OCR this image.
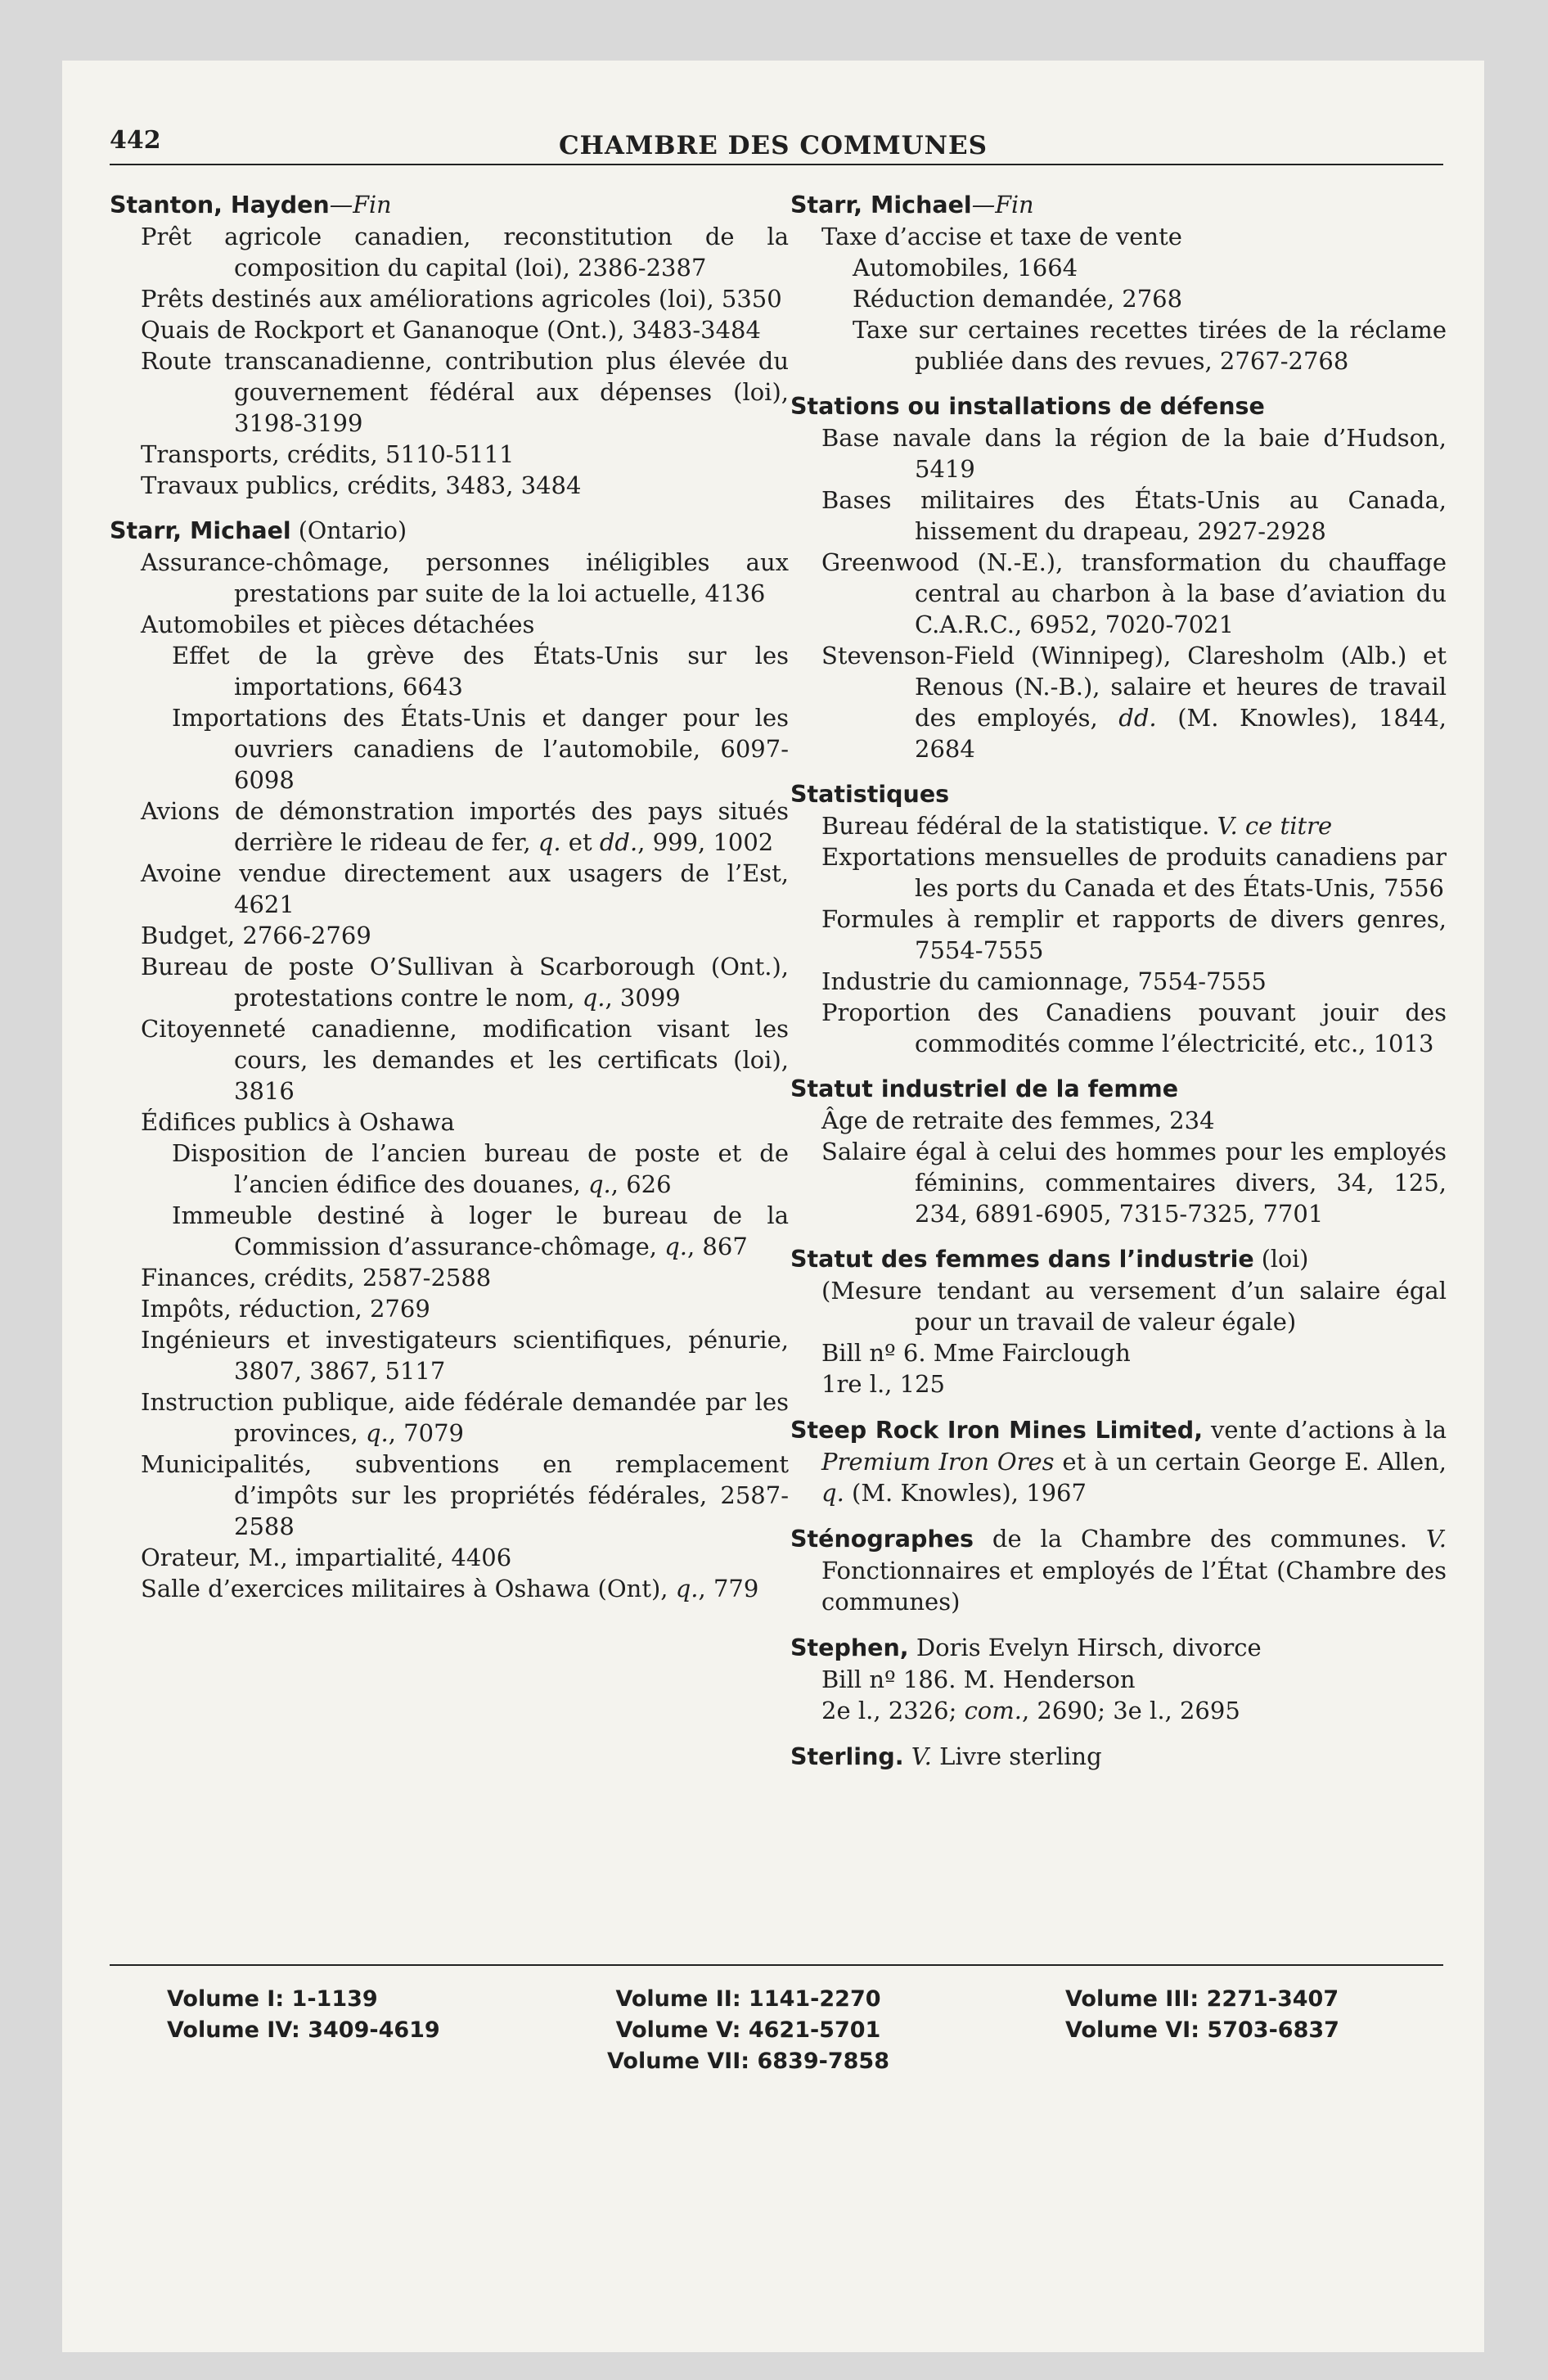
442	CHAMBRE DES COMMUNES
Stanton, Hayden—Fin
Prêt agricole canadien, reconstitution de la composition du capital (loi), 2386-2387
Prêts destinés aux améliorations agricoles (loi), 5350
Quais de Rockport et Gananoque (Ont.), 3483-3484
Route transcanadienne, contribution plus élevée du gouvernement fédéral aux dépenses (loi), 3198-3199
Transports, crédits, 5110-5111
Travaux publics, crédits, 3483, 3484
Starr, Michael (Ontario)
Assurance-chômage, personnes inéligibles aux prestations par suite de la loi actuelle, 4136
Automobiles et pièces détachées
Effet de la grève des États-Unis sur les importations, 6643
Importations des États-Unis et danger pour les ouvriers canadiens de l’automobile, 6097-6098
Avions de démonstration importés des pays situés derrière le rideau de fer, q. et dd., 999, 1002
Avoine vendue directement aux usagers de l’Est, 4621
Budget, 2766-2769
Bureau de poste O’Sullivan à Scarborough (Ont.), protestations contre le nom, q., 3099
Citoyenneté canadienne, modification visant les cours, les demandes et les certificats (loi), 3816
Édifices publics à Oshawa
Disposition de l’ancien bureau de poste et de l’ancien édifice des douanes, q., 626
Immeuble destiné à loger le bureau de la Commission d’assurance-chômage, q., 867
Finances, crédits, 2587-2588
Impôts, réduction, 2769
Ingénieurs et investigateurs scientifiques, pénurie, 3807, 3867, 5117
Instruction publique, aide fédérale demandée par les provinces, q., 7079
Municipalités, subventions en remplacement d’impôts sur les propriétés fédérales, 2587-2588
Orateur, M., impartialité, 4406
Salle d’exercices militaires à Oshawa (Ont), q., 779
Starr, Michael—Fin
Taxe d’accise et taxe de vente
Automobiles, 1664
Réduction demandée, 2768
Taxe sur certaines recettes tirées de la réclame publiée dans des revues, 2767-2768
Stations ou installations de défense
Base navale dans la région de la baie d’Hudson, 5419
Bases militaires des États-Unis au Canada, hissement du drapeau, 2927-2928
Greenwood (N.-E.), transformation du chauffage central au charbon à la base d’aviation du C.A.R.C., 6952, 7020-7021
Stevenson-Field (Winnipeg), Claresholm (Alb.) et Renous (N.-B.), salaire et heures de travail des employés, dd. (M. Knowles), 1844, 2684
Statistiques
Bureau fédéral de la statistique. V. ce titre
Exportations mensuelles de produits canadiens par les ports du Canada et des États-Unis, 7556
Formules à remplir et rapports de divers genres, 7554-7555
Industrie du camionnage, 7554-7555
Proportion des Canadiens pouvant jouir des commodités comme l’électricité, etc., 1013
Statut industriel de la femme
Âge de retraite des femmes, 234
Salaire égal à celui des hommes pour les employés féminins, commentaires divers, 34, 125, 234, 6891-6905, 7315-7325, 7701
Statut des femmes dans l’industrie (loi)
(Mesure tendant au versement d’un salaire égal pour un travail de valeur égale)
Bill nº 6. Mme Fairclough
1re l., 125
Steep Rock Iron Mines Limited, vente d’actions à la Premium Iron Ores et à un certain George E. Allen, q. (M. Knowles), 1967
Sténographes de la Chambre des communes. V. Fonctionnaires et employés de l’État (Chambre des communes)
Stephen, Doris Evelyn Hirsch, divorce
Bill nº 186. M. Henderson
2e l., 2326; com., 2690; 3e l., 2695
Sterling. V. Livre sterling
Volume I: 1-1139
Volume IV: 3409-4619
Volume II: 1141-2270
Volume V: 4621-5701
Volume VII: 6839-7858
Volume III: 2271-3407
Volume VI: 5703-6837
